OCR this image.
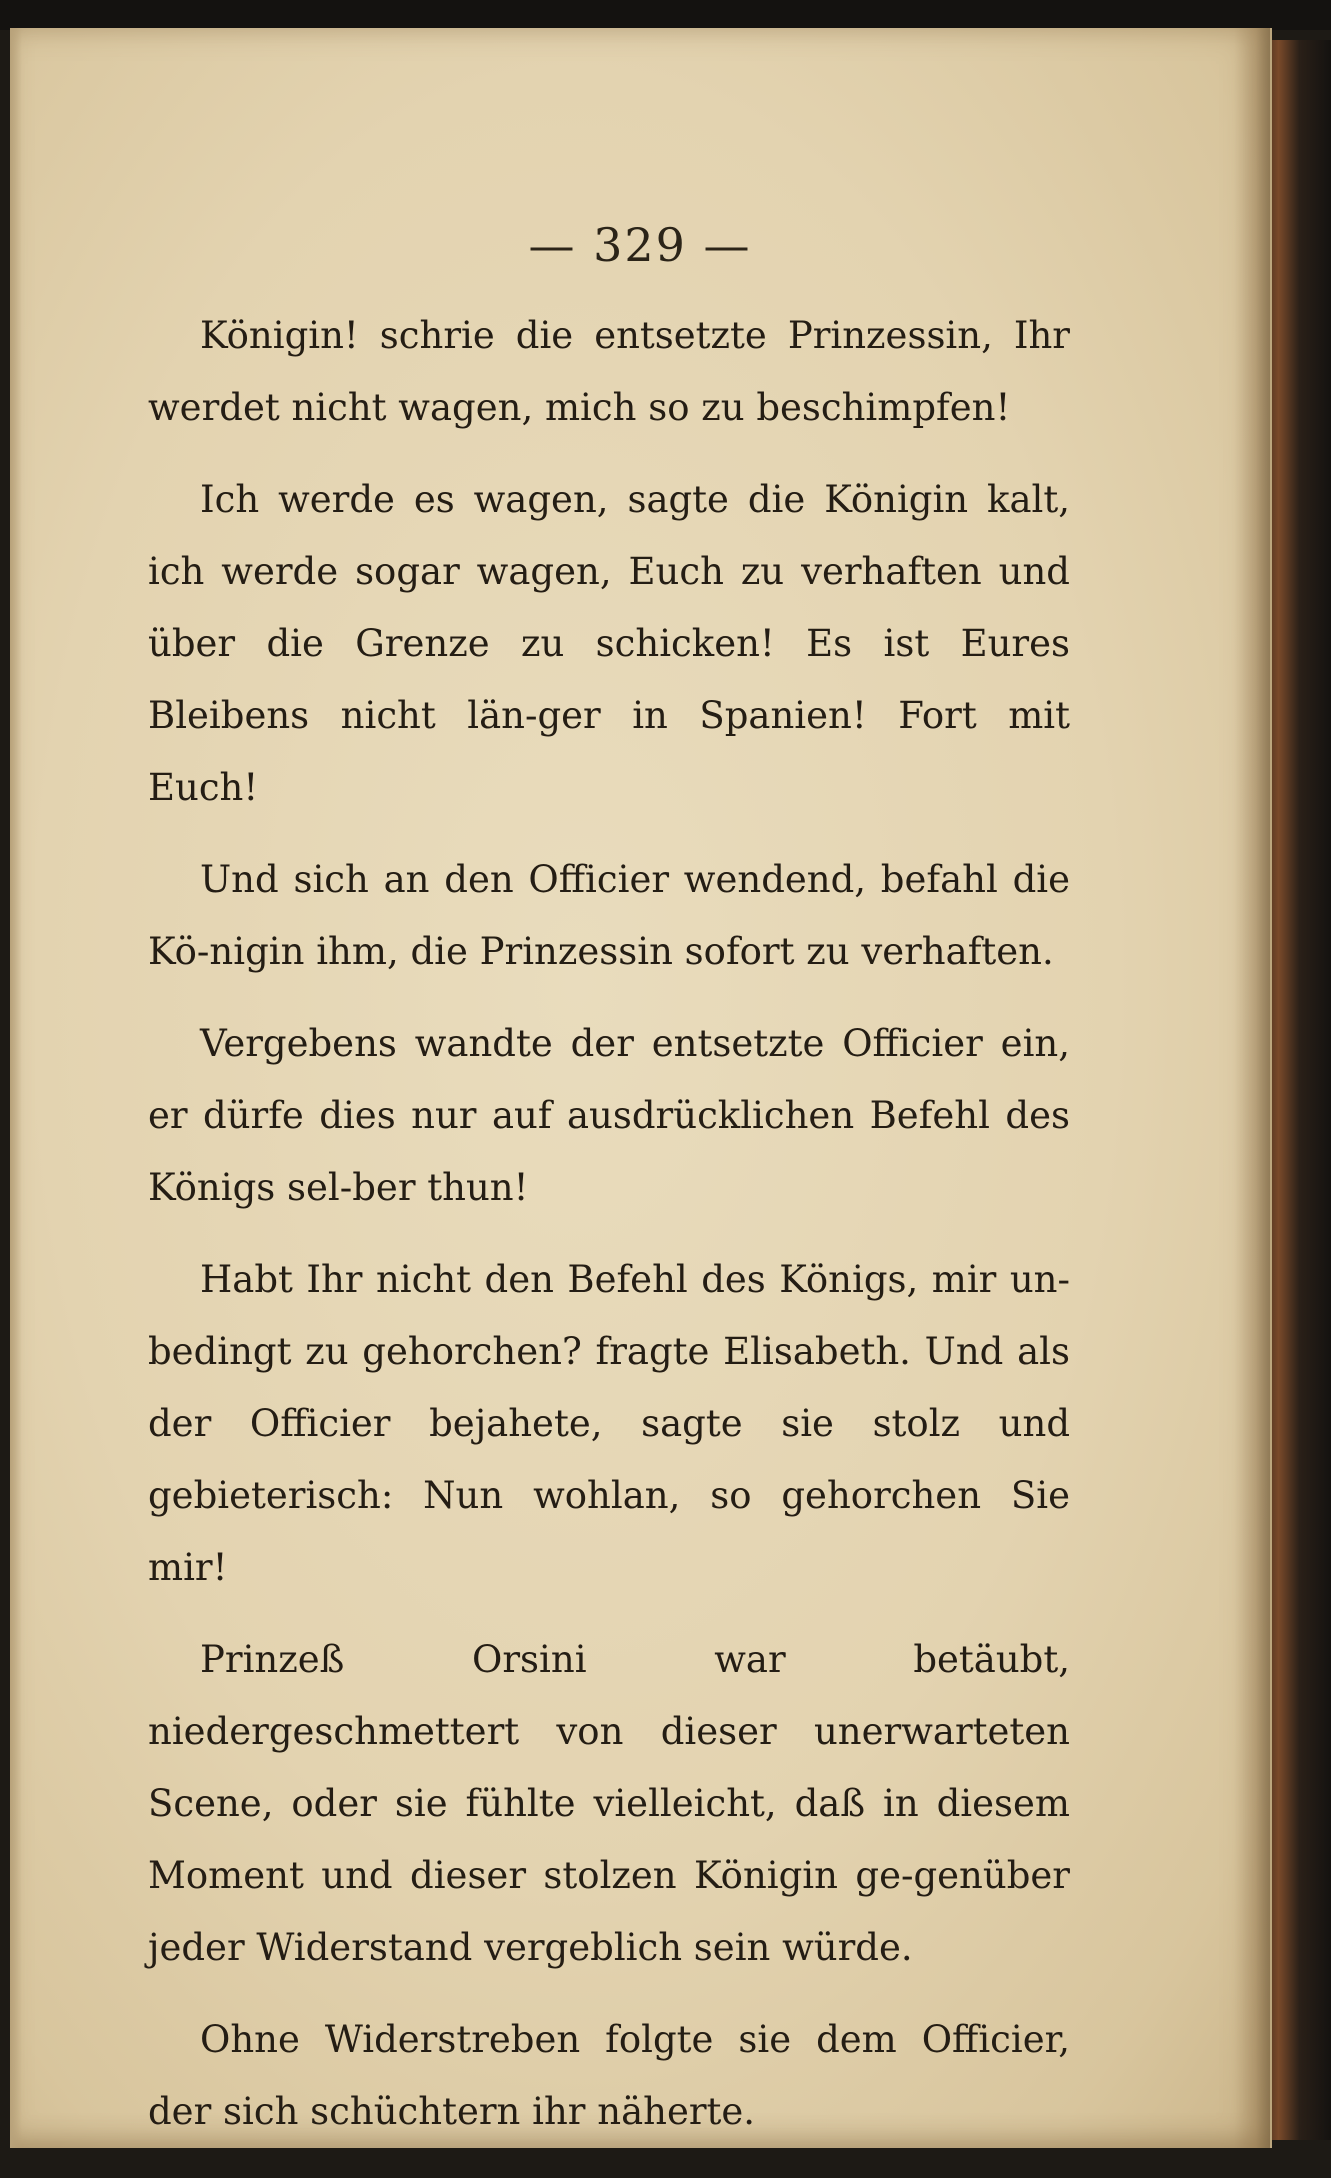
— 329 —

Königin! schrie die entsetzte Prinzessin, Ihr werdet nicht wagen, mich so zu beschimpfen!

Ich werde es wagen, sagte die Königin kalt, ich werde sogar wagen, Euch zu verhaften und über die Grenze zu schicken! Es ist Eures Bleibens nicht län-ger in Spanien! Fort mit Euch!

Und sich an den Officier wendend, befahl die Kö-nigin ihm, die Prinzessin sofort zu verhaften.

Vergebens wandte der entsetzte Officier ein, er dürfe dies nur auf ausdrücklichen Befehl des Königs sel-ber thun!

Habt Ihr nicht den Befehl des Königs, mir un-bedingt zu gehorchen? fragte Elisabeth. Und als der Officier bejahete, sagte sie stolz und gebieterisch: Nun wohlan, so gehorchen Sie mir!

Prinzeß Orsini war betäubt, niedergeschmettert von dieser unerwarteten Scene, oder sie fühlte vielleicht, daß in diesem Moment und dieser stolzen Königin ge-genüber jeder Widerstand vergeblich sein würde.

Ohne Widerstreben folgte sie dem Officier, der sich schüchtern ihr näherte.
